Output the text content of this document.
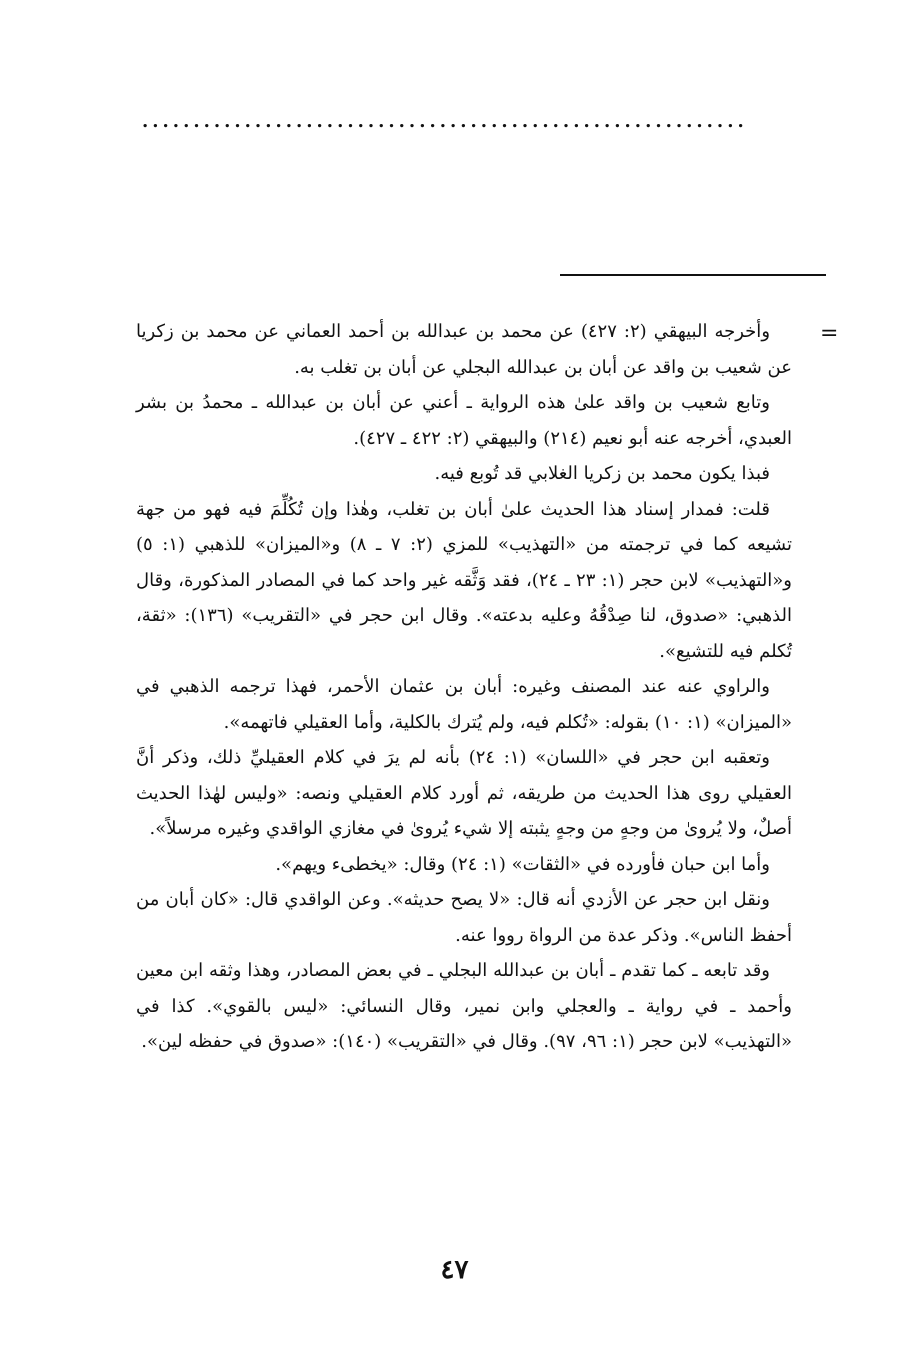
...........................................................
=

وأخرجه البيهقي (٢: ٤٢٧) عن محمد بن عبدالله بن أحمد العماني عن محمد بن زكريا عن شعيب بن واقد عن أبان بن عبدالله البجلي عن أبان بن تغلب به.

وتابع شعيب بن واقد علىٰ هذه الرواية ـ أعني عن أبان بن عبدالله ـ محمدُ بن بشر العبدي، أخرجه عنه أبو نعيم (٢١٤) والبيهقي (٢: ٤٢٢ ـ ٤٢٧).

فبذا يكون محمد بن زكريا الغلابي قد تُوبع فيه.

قلت: فمدار إسناد هذا الحديث علىٰ أبان بن تغلب، وهٰذا وإن تُكُلِّمَ فيه فهو من جهة تشيعه كما في ترجمته من «التهذيب» للمزي (٢: ٧ ـ ٨) و«الميزان» للذهبي (١: ٥) و«التهذيب» لابن حجر (١: ٢٣ ـ ٢٤)، فقد وَثَّقه غير واحد كما في المصادر المذكورة، وقال الذهبي: «صدوق، لنا صِدْقُهُ وعليه بدعته». وقال ابن حجر في «التقريب» (١٣٦): «ثقة، تُكلم فيه للتشيع».

والراوي عنه عند المصنف وغيره: أبان بن عثمان الأحمر، فهذا ترجمه الذهبي في «الميزان» (١: ١٠) بقوله: «تُكلم فيه، ولم يُترك بالكلية، وأما العقيلي فاتهمه».

وتعقبه ابن حجر في «اللسان» (١: ٢٤) بأنه لم يرَ في كلام العقيليِّ ذلك، وذكر أنَّ العقيلي روى هذا الحديث من طريقه، ثم أورد كلام العقيلي ونصه: «وليس لهٰذا الحديث أصلٌ، ولا يُروىٰ من وجهٍ من وجهٍ يثبته إلا شيء يُروىٰ في مغازي الواقدي وغيره مرسلاً».

وأما ابن حبان فأورده في «الثقات» (١: ٢٤) وقال: «يخطىء ويهم».

ونقل ابن حجر عن الأزدي أنه قال: «لا يصح حديثه». وعن الواقدي قال: «كان أبان من أحفظ الناس». وذكر عدة من الرواة رووا عنه.

وقد تابعه ـ كما تقدم ـ أبان بن عبدالله البجلي ـ في بعض المصادر، وهذا وثقه ابن معين وأحمد ـ في رواية ـ والعجلي وابن نمير، وقال النسائي: «ليس بالقوي». كذا في «التهذيب» لابن حجر (١: ٩٦، ٩٧). وقال في «التقريب» (١٤٠): «صدوق في حفظه لين».

٤٧
